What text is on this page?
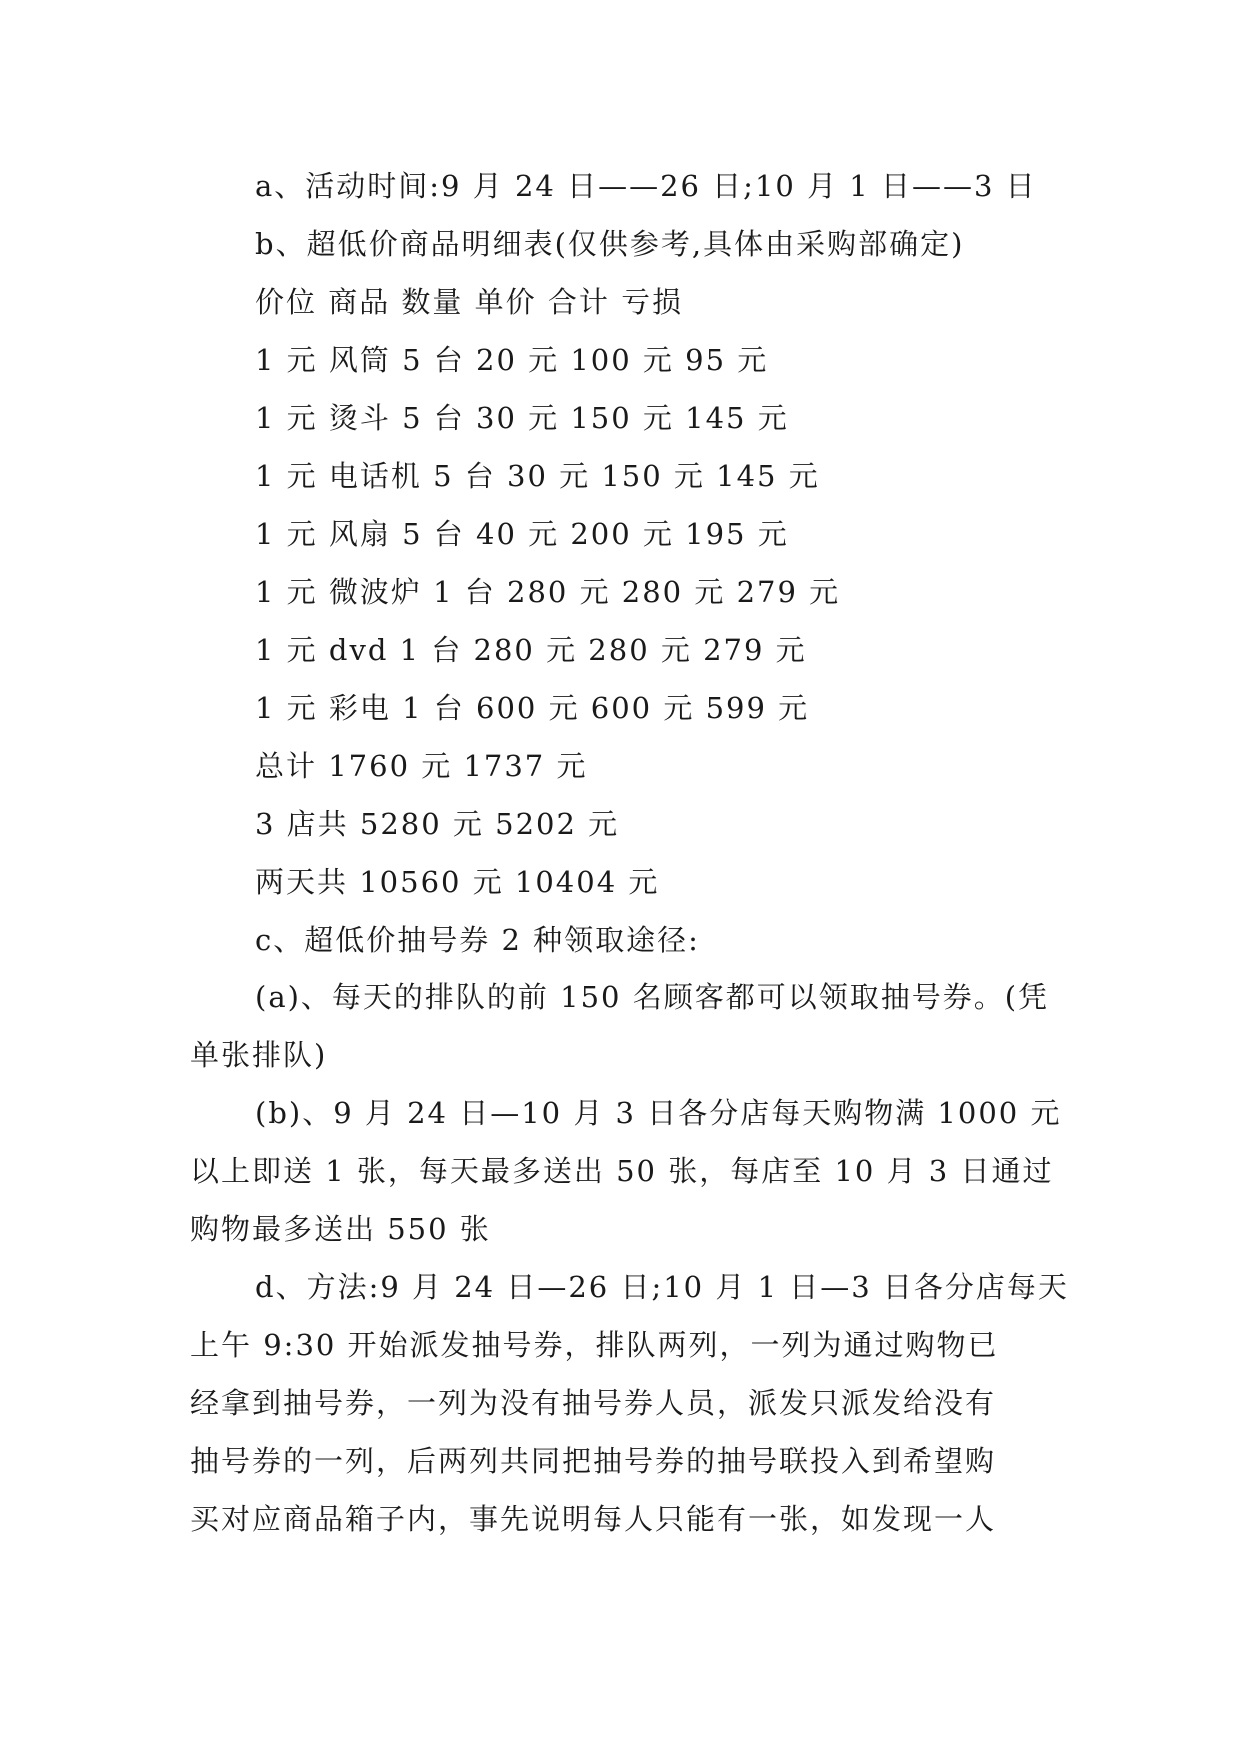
a、活动时间:9 月 24 日——26 日;10 月 1 日——3 日
b、超低价商品明细表(仅供参考,具体由采购部确定)
价位 商品 数量 单价 合计 亏损
1 元 风筒 5 台 20 元 100 元 95 元
1 元 烫斗 5 台 30 元 150 元 145 元
1 元 电话机 5 台 30 元 150 元 145 元
1 元 风扇 5 台 40 元 200 元 195 元
1 元 微波炉 1 台 280 元 280 元 279 元
1 元 dvd 1 台 280 元 280 元 279 元
1 元 彩电 1 台 600 元 600 元 599 元
总计 1760 元 1737 元
3 店共 5280 元 5202 元
两天共 10560 元 10404 元
c、超低价抽号券 2 种领取途径:
(a)、每天的排队的前 150 名顾客都可以领取抽号券。(凭
单张排队)
(b)、9 月 24 日—10 月 3 日各分店每天购物满 1000 元
以上即送 1 张，每天最多送出 50 张，每店至 10 月 3 日通过
购物最多送出 550 张
d、方法:9 月 24 日—26 日;10 月 1 日—3 日各分店每天
上午 9:30 开始派发抽号券，排队两列，一列为通过购物已
经拿到抽号券，一列为没有抽号券人员，派发只派发给没有
抽号券的一列，后两列共同把抽号券的抽号联投入到希望购
买对应商品箱子内，事先说明每人只能有一张，如发现一人
